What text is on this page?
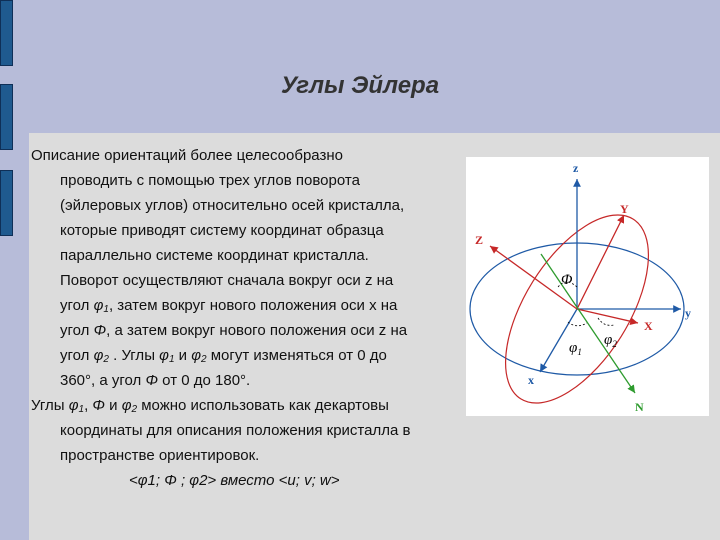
Углы Эйлера

Описание ориентаций более целесообразно
проводить с помощью трех углов поворота
(эйлеровых углов) относительно осей кристалла,
которые приводят систему координат образца
параллельно системе координат кристалла.
Поворот осуществляют сначала вокруг оси z на
угол $\varphi_1$, затем вокруг нового положения оси x на
угол Φ, а затем вокруг нового положения оси z на
угол $\varphi_2$ . Углы $\varphi_1$ и $\varphi_2$ могут изменяться от 0 до
360°, а угол Φ от 0 до 180°.

Углы $\varphi_1$, Φ и $\varphi_2$ можно использовать как декартовы
координаты для описания положения кристалла в
пространстве ориентировок.
<φ1; Φ ; φ2> вместо <u; v; w>

z
Y
Z
y
X
x
N
Φ
$\varphi_1$
$\varphi_2$
